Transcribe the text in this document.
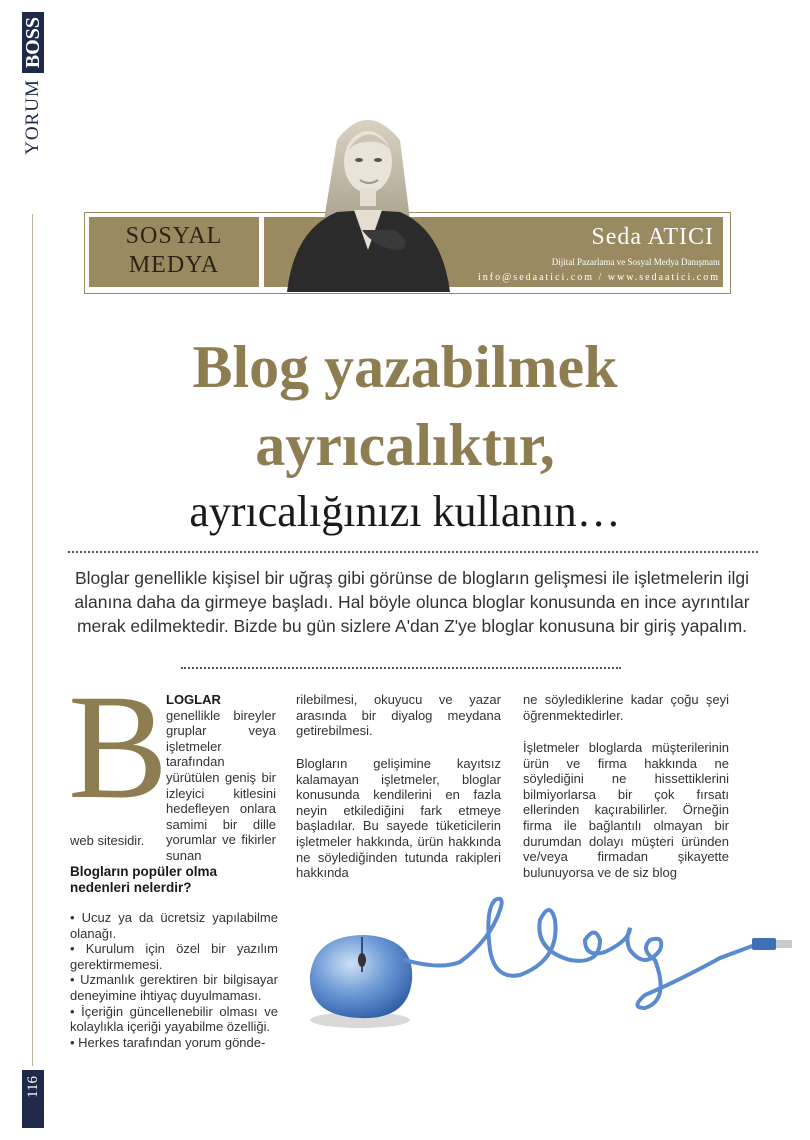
YORUM
BOSS
116
SOSYAL
MEDYA
Seda ATICI
Dijital Pazarlama ve Sosyal Medya Danışmanı
info@sedaatici.com / www.sedaatici.com
Blog yazabilmek
ayrıcalıktır,
ayrıcalığınızı kullanın…
Bloglar genellikle kişisel bir uğraş gibi görünse de blogların gelişmesi ile işletmelerin ilgi alanına daha da girmeye başladı. Hal böyle olunca bloglar konusunda en ince ayrıntılar merak edilmektedir. Bizde bu gün sizlere A'dan Z'ye bloglar konusuna bir giriş yapalım.
B
LOGLAR genellikle bireyler gruplar veya işletmeler tarafından yürütülen geniş bir izleyici kitlesini hedefleyen onlara samimi bir dille yorumlar ve fikirler sunan
web sitesidir.
Blogların popüler olma nedenleri nelerdir?

• Ucuz ya da ücretsiz yapılabilme olanağı.

• Kurulum için özel bir yazılım gerektirmemesi.

• Uzmanlık gerektiren bir bilgisayar deneyimine ihtiyaç duyulmaması.

• İçeriğin güncellenebilir olması ve kolaylıkla içeriği yayabilme özelliği.

• Herkes tarafından yorum gönde-

rilebilmesi, okuyucu ve yazar arasında bir diyalog meydana getirebilmesi.
Blogların gelişimine kayıtsız kalamayan işletmeler, bloglar konusunda kendilerini en fazla neyin etkilediğini fark etmeye başladılar. Bu sayede tüketicilerin işletmeler hakkında, ürün hakkında ne söylediğinden tutunda rakipleri hakkında
ne söylediklerine kadar çoğu şeyi öğrenmektedirler.
İşletmeler bloglarda müşterilerinin ürün ve firma hakkında ne söylediğini ne hissettiklerini bilmiyorlarsa bir çok fırsatı ellerinden kaçırabilirler. Örneğin firma ile bağlantılı olmayan bir durumdan dolayı müşteri üründen ve/veya firmadan şikayette bulunuyorsa ve de siz blog
